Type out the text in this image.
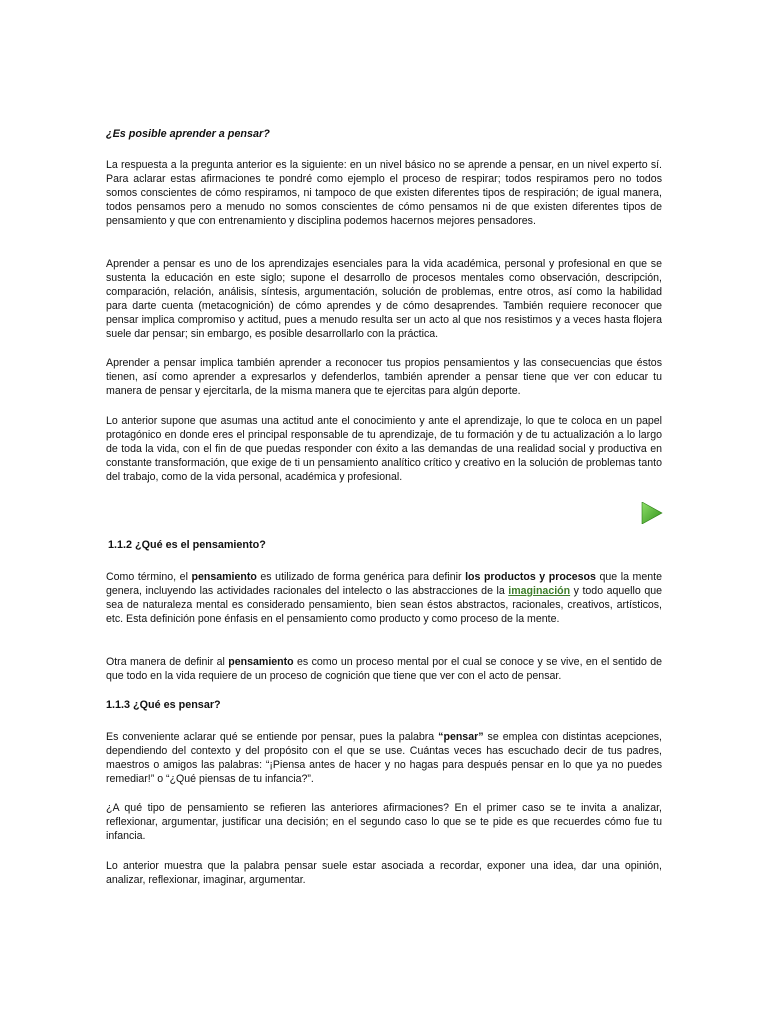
¿Es posible aprender a pensar?

La respuesta a la pregunta anterior es la siguiente: en un nivel básico no se aprende a pensar, en un nivel experto sí. Para aclarar estas afirmaciones te pondré como ejemplo el proceso de respirar; todos respiramos pero no todos somos conscientes de cómo respiramos, ni tampoco de que existen diferentes tipos de respiración; de igual manera, todos pensamos pero a menudo no somos conscientes de cómo pensamos ni de que existen diferentes tipos de pensamiento y que con entrenamiento y disciplina podemos hacernos mejores pensadores.

Aprender a pensar es uno de los aprendizajes esenciales para la vida académica, personal y profesional en que se sustenta la educación en este siglo; supone el desarrollo de procesos mentales como observación, descripción, comparación, relación, análisis, síntesis, argumentación, solución de problemas, entre otros, así como la habilidad para darte cuenta (metacognición) de cómo aprendes y de cómo desaprendes. También requiere reconocer que pensar implica compromiso y actitud, pues a menudo resulta ser un acto al que nos resistimos y a veces hasta flojera suele dar pensar; sin embargo, es posible desarrollarlo con la práctica.

Aprender a pensar implica también aprender a reconocer tus propios pensamientos y las consecuencias que éstos tienen, así como aprender a expresarlos y defenderlos, también aprender a pensar tiene que ver con educar tu manera de pensar y ejercitarla, de la misma manera que te ejercitas para algún deporte.

Lo anterior supone que asumas una actitud ante el conocimiento y ante el aprendizaje, lo que te coloca en un papel protagónico en donde eres el principal responsable de tu aprendizaje, de tu formación y de tu actualización a lo largo de toda la vida, con el fin de que puedas responder con éxito a las demandas de una realidad social y productiva en constante transformación, que exige de ti un pensamiento analítico crítico y creativo en la solución de problemas tanto del trabajo, como de la vida personal, académica y profesional.

1.1.2 ¿Qué es el pensamiento?

Como término, el pensamiento es utilizado de forma genérica para definir los productos y procesos que la mente genera, incluyendo las actividades racionales del intelecto o las abstracciones de la imaginación y todo aquello que sea de naturaleza mental es considerado pensamiento, bien sean éstos abstractos, racionales, creativos, artísticos, etc. Esta definición pone énfasis en el pensamiento como producto y como proceso de la mente.

Otra manera de definir al pensamiento es como un proceso mental por el cual se conoce y se vive, en el sentido de que todo en la vida requiere de un proceso de cognición que tiene que ver con el acto de pensar.

1.1.3 ¿Qué es pensar?

Es conveniente aclarar qué se entiende por pensar, pues la palabra “pensar” se emplea con distintas acepciones, dependiendo del contexto y del propósito con el que se use. Cuántas veces has escuchado decir de tus padres, maestros o amigos las palabras: “¡Piensa antes de hacer y no hagas para después pensar en lo que ya no puedes remediar!” o “¿Qué piensas de tu infancia?”.

¿A qué tipo de pensamiento se refieren las anteriores afirmaciones? En el primer caso se te invita a analizar, reflexionar, argumentar, justificar una decisión; en el segundo caso lo que se te pide es que recuerdes cómo fue tu infancia.

Lo anterior muestra que la palabra pensar suele estar asociada a recordar, exponer una idea, dar una opinión, analizar, reflexionar, imaginar, argumentar.
